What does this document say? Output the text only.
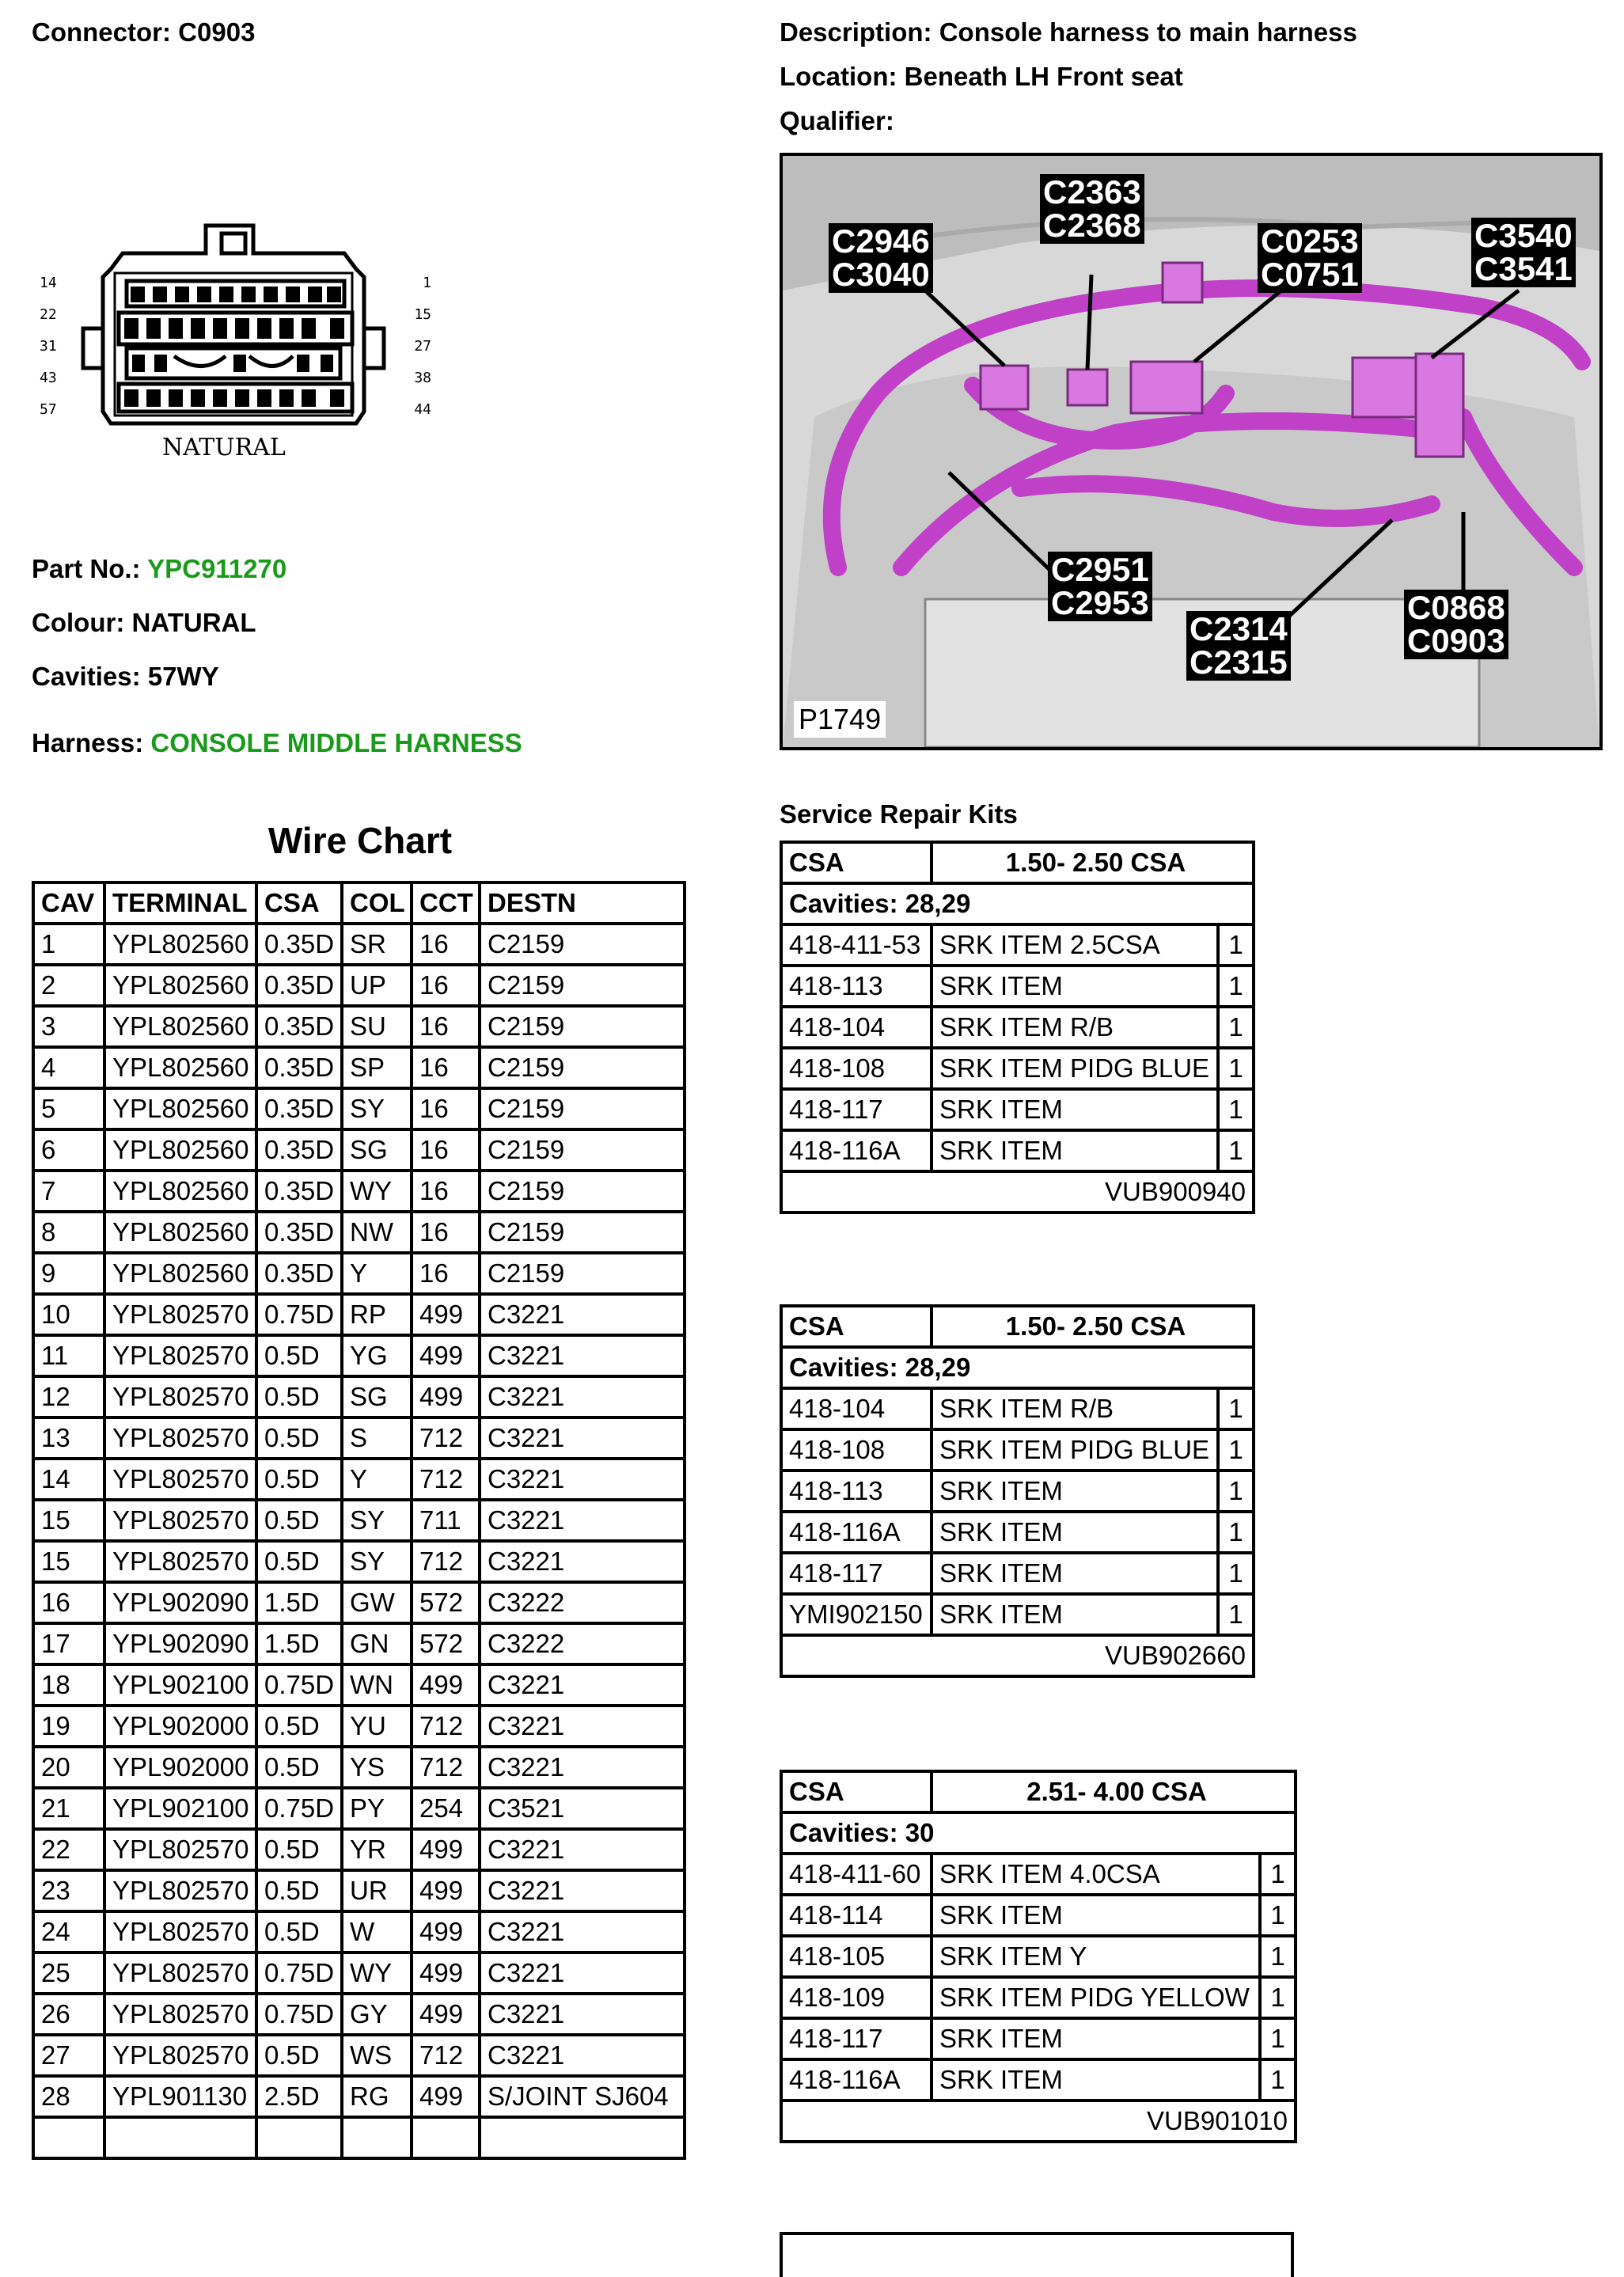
Connector: C0903	Description: Console harness to main harness
Location: Beneath LH Front seat
Qualifier:
14
22
31
43
57
1
15
27
38
44
NATURAL
Part No.: YPC911270
Colour: NATURAL
Cavities: 57WY
Harness: CONSOLE MIDDLE HARNESS
C2946
C3040
C2363
C2368	C0253
C0751
C3540
C3541
C2951
C2953
C2314
C2315
C0868
C0903
P1749
Wire Chart
CAV	TERMINAL	CSA	COL	CCT	DESTN
1	YPL802560	0.35D	SR	16	C2159
2	YPL802560	0.35D	UP	16	C2159
3	YPL802560	0.35D	SU	16	C2159
4	YPL802560	0.35D	SP	16	C2159
5	YPL802560	0.35D	SY	16	C2159
6	YPL802560	0.35D	SG	16	C2159
7	YPL802560	0.35D	WY	16	C2159
8	YPL802560	0.35D	NW	16	C2159
9	YPL802560	0.35D	Y	16	C2159
10	YPL802570	0.75D	RP	499	C3221
11	YPL802570	0.5D	YG	499	C3221
12	YPL802570	0.5D	SG	499	C3221
13	YPL802570	0.5D	S	712	C3221
14	YPL802570	0.5D	Y	712	C3221
15	YPL802570	0.5D	SY	711	C3221
15	YPL802570	0.5D	SY	712	C3221
16	YPL902090	1.5D	GW	572	C3222
17	YPL902090	1.5D	GN	572	C3222
18	YPL902100	0.75D	WN	499	C3221
19	YPL902000	0.5D	YU	712	C3221
20	YPL902000	0.5D	YS	712	C3221
21	YPL902100	0.75D	PY	254	C3521
22	YPL802570	0.5D	YR	499	C3221
23	YPL802570	0.5D	UR	499	C3221
24	YPL802570	0.5D	W	499	C3221
25	YPL802570	0.75D	WY	499	C3221
26	YPL802570	0.75D	GY	499	C3221
27	YPL802570	0.5D	WS	712	C3221
28	YPL901130	2.5D	RG	499	S/JOINT SJ604

Service Repair Kits
CSA	1.50- 2.50 CSA	
Cavities: 28,29		
418-411-53	SRK ITEM 2.5CSA	1
418-113	SRK ITEM	1
418-104	SRK ITEM R/B	1
418-108	SRK ITEM PIDG BLUE	1
418-117	SRK ITEM	1
418-116A	SRK ITEM	1
VUB900940		
CSA	1.50- 2.50 CSA	
Cavities: 28,29		
418-104	SRK ITEM R/B	1
418-108	SRK ITEM PIDG BLUE	1
418-113	SRK ITEM	1
418-116A	SRK ITEM	1
418-117	SRK ITEM	1
YMI902150	SRK ITEM	1
VUB902660		
CSA	2.51- 4.00 CSA	
Cavities: 30		
418-411-60	SRK ITEM 4.0CSA	1
418-114	SRK ITEM	1
418-105	SRK ITEM Y	1
418-109	SRK ITEM PIDG YELLOW	1
418-117	SRK ITEM	1
418-116A	SRK ITEM	1
VUB901010		
